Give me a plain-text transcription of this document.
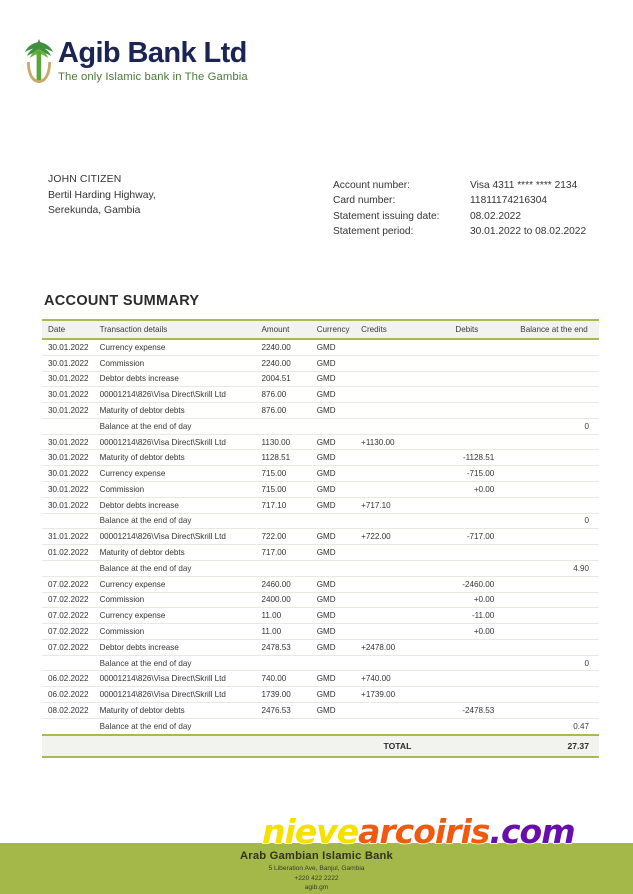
Agib Bank Ltd
The only Islamic bank in The Gambia
JOHN CITIZEN
Bertil Harding Highway,
Serekunda, Gambia
Account number:	Visa 4311 **** **** 2134
Card number:	11811174216304
Statement issuing date:	08.02.2022
Statement period:	30.01.2022 to 08.02.2022
ACCOUNT SUMMARY
Date	Transaction details	Amount	Currency	Credits	Debits	Balance at the end
30.01.2022	Currency expense	2240.00	GMD			
30.01.2022	Commission	2240.00	GMD			
30.01.2022	Debtor debts increase	2004.51	GMD			
30.01.2022	00001214\826\Visa Direct\Skrill Ltd	876.00	GMD			
30.01.2022	Maturity of debtor debts	876.00	GMD			
	Balance at the end of day					0
30.01.2022	00001214\826\Visa Direct\Skrill Ltd	1130.00	GMD	+1130.00		
30.01.2022	Maturity of debtor debts	1128.51	GMD		-1128.51	
30.01.2022	Currency expense	715.00	GMD		-715.00	
30.01.2022	Commission	715.00	GMD		+0.00	
30.01.2022	Debtor debts increase	717.10	GMD	+717.10		
	Balance at the end of day					0
31.01.2022	00001214\826\Visa Direct\Skrill Ltd	722.00	GMD	+722.00	-717.00	
01.02.2022	Maturity of debtor debts	717.00	GMD			
	Balance at the end of day					4.90
07.02.2022	Currency expense	2460.00	GMD		-2460.00	
07.02.2022	Commission	2400.00	GMD		+0.00	
07.02.2022	Currency expense	11.00	GMD		-11.00	
07.02.2022	Commission	11.00	GMD		+0.00	
07.02.2022	Debtor debts increase	2478.53	GMD	+2478.00		
	Balance at the end of day					0
06.02.2022	00001214\826\Visa Direct\Skrill Ltd	740.00	GMD	+740.00		
06.02.2022	00001214\826\Visa Direct\Skrill Ltd	1739.00	GMD	+1739.00		
08.02.2022	Maturity of debtor debts	2476.53	GMD		-2478.53	
	Balance at the end of day					0.47
				TOTAL		27.37
nievearcoiris.com
Arab Gambian Islamic Bank
5 Liberation Ave, Banjul, Gambia
+220 422 2222
agib.gm
